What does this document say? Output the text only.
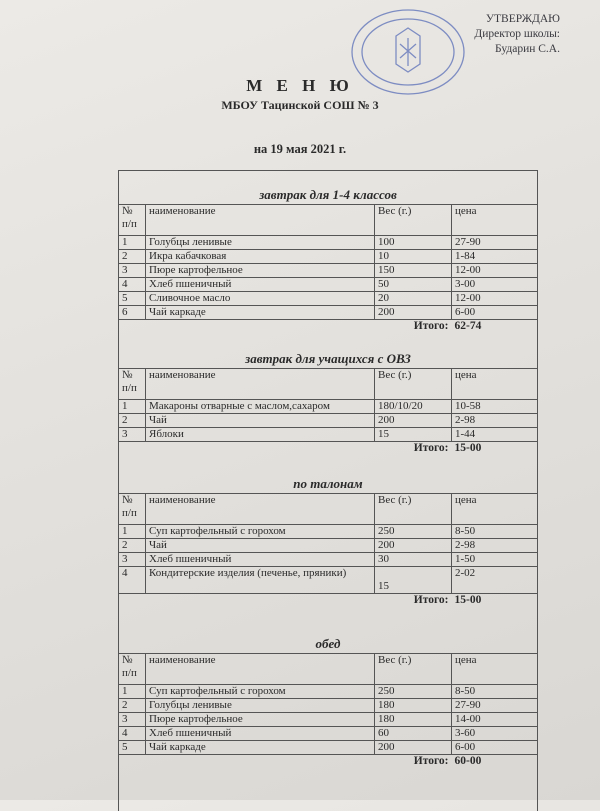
УТВЕРЖДАЮ
Директор школы:
Бударин С.А.
М Е Н Ю
МБОУ Тацинской СОШ № 3
на 19 мая 2021 г.
завтрак для 1-4 классов
№ п/п	наименование	Вес (г.)	цена
1	Голубцы ленивые	100	27-90
2	Икра кабачковая	10	1-84
3	Пюре картофельное	150	12-00
4	Хлеб пшеничный	50	3-00
5	Сливочное масло	20	12-00
6	Чай каркаде	200	6-00
Итого:			62-74
завтрак для учащихся с ОВЗ
№ п/п	наименование	Вес (г.)	цена
1	Макароны отварные с маслом,сахаром	180/10/20	10-58
2	Чай	200	2-98
3	Яблоки	15	1-44
Итого:			15-00
по талонам
№ п/п	наименование	Вес (г.)	цена
1	Суп картофельный с горохом	250	8-50
2	Чай	200	2-98
3	Хлеб пшеничный	30	1-50
4	Кондитерские изделия (печенье, пряники)	15	2-02
Итого:			15-00
обед
№ п/п	наименование	Вес (г.)	цена
1	Суп картофельный с горохом	250	8-50
2	Голубцы ленивые	180	27-90
3	Пюре картофельное	180	14-00
4	Хлеб пшеничный	60	3-60
5	Чай каркаде	200	6-00
Итого:			60-00
